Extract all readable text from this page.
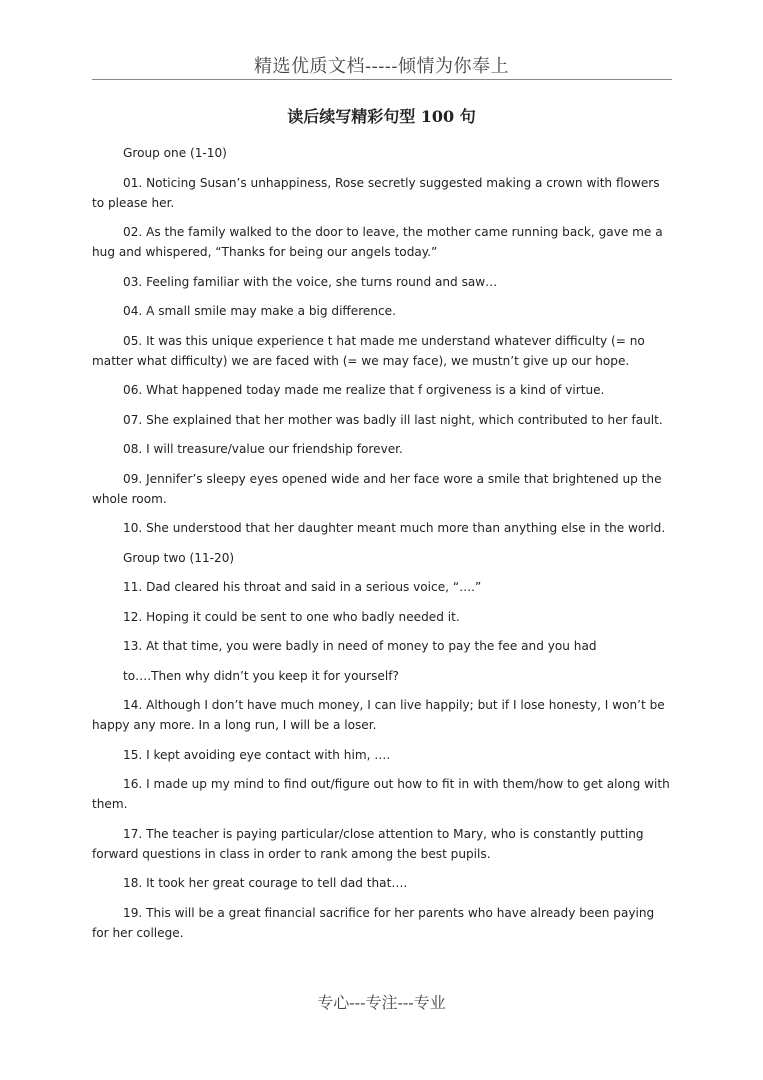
精选优质文档-----倾情为你奉上
读后续写精彩句型 100 句

Group one (1-10)

01. Noticing Susan’s unhappiness, Rose secretly suggested making a crown with flowers to please her.

02. As the family walked to the door to leave, the mother came running back, gave me a hug and whispered, “Thanks for being our angels today.”

03. Feeling familiar with the voice, she turns round and saw…

04. A small smile may make a big difference.

05. It was this unique experience t hat made me understand whatever difficulty (= no matter what difficulty) we are faced with (= we may face), we mustn’t give up our hope.

06. What happened today made me realize that f orgiveness is a kind of virtue.

07. She explained that her mother was badly ill last night, which contributed to her fault.

08. I will treasure/value our friendship forever.

09. Jennifer’s sleepy eyes opened wide and her face wore a smile that brightened up the whole room.

10. She understood that her daughter meant much more than anything else in the world.

Group two (11-20)

11. Dad cleared his throat and said in a serious voice, “….”

12. Hoping it could be sent to one who badly needed it.

13. At that time, you were badly in need of money to pay the fee and you had

to….Then why didn’t you keep it for yourself?

14. Although I don’t have much money, I can live happily; but if I lose honesty, I won’t be happy any more. In a long run, I will be a loser.

15. I kept avoiding eye contact with him, ….

16. I made up my mind to find out/figure out how to fit in with them/how to get along with them.

17. The teacher is paying particular/close attention to Mary, who is constantly putting forward questions in class in order to rank among the best pupils.

18. It took her great courage to tell dad that….

19. This will be a great financial sacrifice for her parents who have already been paying for her college.

专心---专注---专业
